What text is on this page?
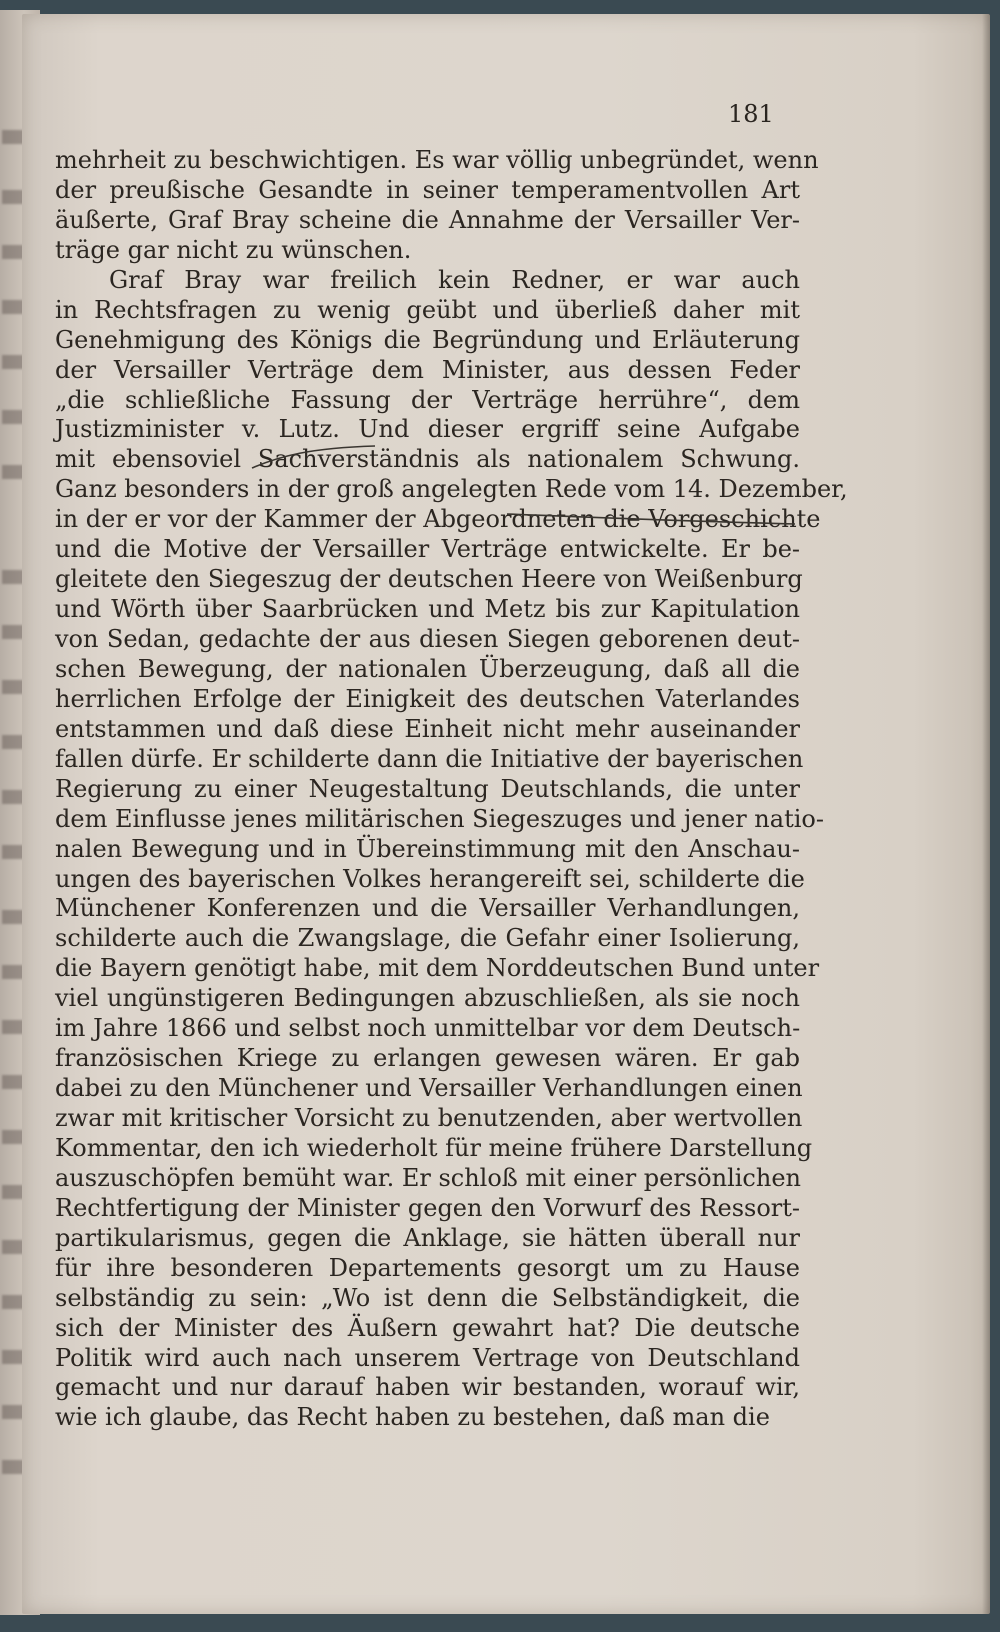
181
mehrheit zu beschwichtigen. Es war völlig unbegründet, wenn
der preußische Gesandte in seiner temperamentvollen Art
äußerte, Graf Bray scheine die Annahme der Versailler Ver-
träge gar nicht zu wünschen.
Graf Bray war freilich kein Redner, er war auch
in Rechtsfragen zu wenig geübt und überließ daher mit
Genehmigung des Königs die Begründung und Erläuterung
der Versailler Verträge dem Minister, aus dessen Feder
„die schließliche Fassung der Verträge herrühre“, dem
Justizminister v. Lutz. Und dieser ergriff seine Aufgabe
mit ebensoviel Sachverständnis als nationalem Schwung.
Ganz besonders in der groß angelegten Rede vom 14. Dezember,
in der er vor der Kammer der Abgeordneten die Vorgeschichte
und die Motive der Versailler Verträge entwickelte. Er be-
gleitete den Siegeszug der deutschen Heere von Weißenburg
und Wörth über Saarbrücken und Metz bis zur Kapitulation
von Sedan, gedachte der aus diesen Siegen geborenen deut-
schen Bewegung, der nationalen Überzeugung, daß all die
herrlichen Erfolge der Einigkeit des deutschen Vaterlandes
entstammen und daß diese Einheit nicht mehr auseinander
fallen dürfe. Er schilderte dann die Initiative der bayerischen
Regierung zu einer Neugestaltung Deutschlands, die unter
dem Einflusse jenes militärischen Siegeszuges und jener natio-
nalen Bewegung und in Übereinstimmung mit den Anschau-
ungen des bayerischen Volkes herangereift sei, schilderte die
Münchener Konferenzen und die Versailler Verhandlungen,
schilderte auch die Zwangslage, die Gefahr einer Isolierung,
die Bayern genötigt habe, mit dem Norddeutschen Bund unter
viel ungünstigeren Bedingungen abzuschließen, als sie noch
im Jahre 1866 und selbst noch unmittelbar vor dem Deutsch-
französischen Kriege zu erlangen gewesen wären. Er gab
dabei zu den Münchener und Versailler Verhandlungen einen
zwar mit kritischer Vorsicht zu benutzenden, aber wertvollen
Kommentar, den ich wiederholt für meine frühere Darstellung
auszuschöpfen bemüht war. Er schloß mit einer persönlichen
Rechtfertigung der Minister gegen den Vorwurf des Ressort-
partikularismus, gegen die Anklage, sie hätten überall nur
für ihre besonderen Departements gesorgt um zu Hause
selbständig zu sein: „Wo ist denn die Selbständigkeit, die
sich der Minister des Äußern gewahrt hat? Die deutsche
Politik wird auch nach unserem Vertrage von Deutschland
gemacht und nur darauf haben wir bestanden, worauf wir,
wie ich glaube, das Recht haben zu bestehen, daß man die
